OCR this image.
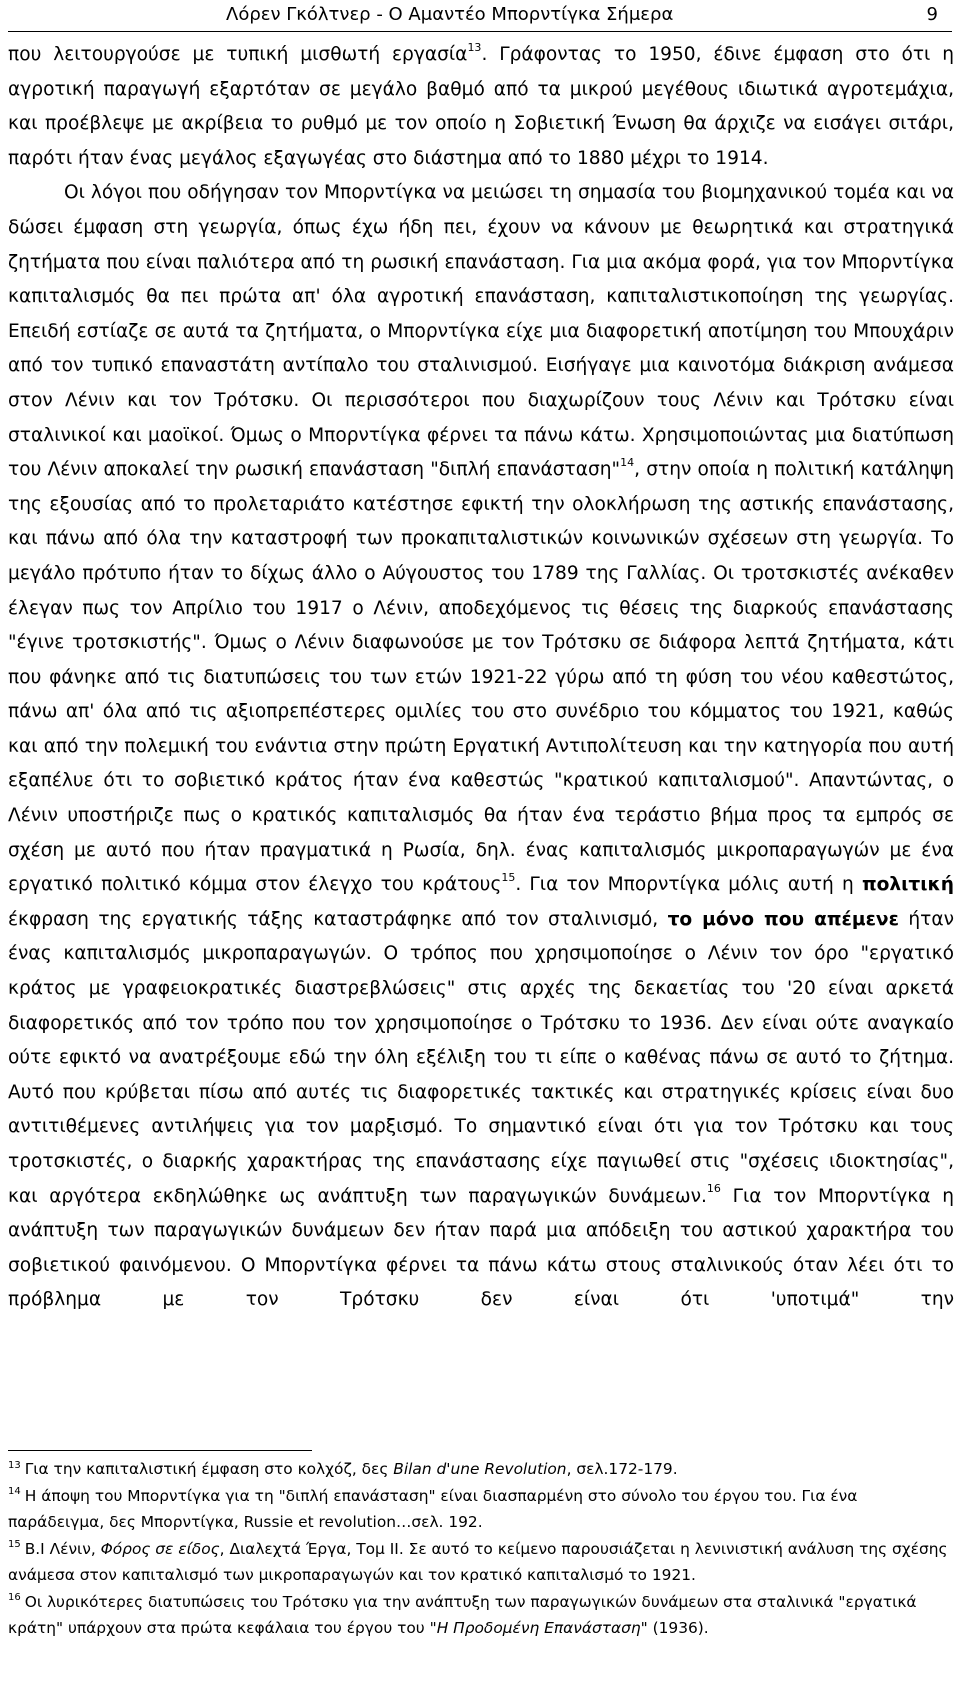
Λόρεν Γκόλτνερ - Ο Αμαντέο Μπορντίγκα Σήμερα	9

που λειτουργούσε με τυπική μισθωτή εργασία$^{13}$. Γράφοντας το 1950, έδινε έμφαση στο ότι η αγροτική παραγωγή εξαρτόταν σε μεγάλο βαθμό από τα μικρού μεγέθους ιδιωτικά αγροτεμάχια, και προέβλεψε με ακρίβεια το ρυθμό με τον οποίο η Σοβιετική Ένωση θα άρχιζε να εισάγει σιτάρι, παρότι ήταν ένας μεγάλος εξαγωγέας στο διάστημα από το 1880 μέχρι το 1914.

Οι λόγοι που οδήγησαν τον Μπορντίγκα να μειώσει τη σημασία του βιομηχανικού τομέα και να δώσει έμφαση στη γεωργία, όπως έχω ήδη πει, έχουν να κάνουν με θεωρητικά και στρατηγικά ζητήματα που είναι παλιότερα από τη ρωσική επανάσταση. Για μια ακόμα φορά, για τον Μπορντίγκα καπιταλισμός θα πει πρώτα απ' όλα αγροτική επανάσταση, καπιταλιστικοποίηση της γεωργίας. Επειδή εστίαζε σε αυτά τα ζητήματα, ο Μπορντίγκα είχε μια διαφορετική αποτίμηση του Μπουχάριν από τον τυπικό επαναστάτη αντίπαλο του σταλινισμού. Εισήγαγε μια καινοτόμα διάκριση ανάμεσα στον Λένιν και τον Τρότσκυ. Οι περισσότεροι που διαχωρίζουν τους Λένιν και Τρότσκυ είναι σταλινικοί και μαοϊκοί. Όμως ο Μπορντίγκα φέρνει τα πάνω κάτω. Χρησιμοποιώντας μια διατύπωση του Λένιν αποκαλεί την ρωσική επανάσταση "διπλή επανάσταση"$^{14}$, στην οποία η πολιτική κατάληψη της εξουσίας από το προλεταριάτο κατέστησε εφικτή την ολοκλήρωση της αστικής επανάστασης, και πάνω από όλα την καταστροφή των προκαπιταλιστικών κοινωνικών σχέσεων στη γεωργία. Το μεγάλο πρότυπο ήταν το δίχως άλλο ο Αύγουστος του 1789 της Γαλλίας. Οι τροτσκιστές ανέκαθεν έλεγαν πως τον Απρίλιο του 1917 ο Λένιν, αποδεχόμενος τις θέσεις της διαρκούς επανάστασης "έγινε τροτσκιστής". Όμως ο Λένιν διαφωνούσε με τον Τρότσκυ σε διάφορα λεπτά ζητήματα, κάτι που φάνηκε από τις διατυπώσεις του των ετών 1921-22 γύρω από τη φύση του νέου καθεστώτος, πάνω απ' όλα από τις αξιοπρεπέστερες ομιλίες του στο συνέδριο του κόμματος του 1921, καθώς και από την πολεμική του ενάντια στην πρώτη Εργατική Αντιπολίτευση και την κατηγορία που αυτή εξαπέλυε ότι το σοβιετικό κράτος ήταν ένα καθεστώς "κρατικού καπιταλισμού". Απαντώντας, ο Λένιν υποστήριζε πως ο κρατικός καπιταλισμός θα ήταν ένα τεράστιο βήμα προς τα εμπρός σε σχέση με αυτό που ήταν πραγματικά η Ρωσία, δηλ. ένας καπιταλισμός μικροπαραγωγών με ένα εργατικό πολιτικό κόμμα στον έλεγχο του κράτους$^{15}$. Για τον Μπορντίγκα μόλις αυτή η πολιτική έκφραση της εργατικής τάξης καταστράφηκε από τον σταλινισμό, το μόνο που απέμενε ήταν ένας καπιταλισμός μικροπαραγωγών. Ο τρόπος που χρησιμοποίησε ο Λένιν τον όρο "εργατικό κράτος με γραφειοκρατικές διαστρεβλώσεις" στις αρχές της δεκαετίας του '20 είναι αρκετά διαφορετικός από τον τρόπο που τον χρησιμοποίησε ο Τρότσκυ το 1936. Δεν είναι ούτε αναγκαίο ούτε εφικτό να ανατρέξουμε εδώ την όλη εξέλιξη του τι είπε ο καθένας πάνω σε αυτό το ζήτημα. Αυτό που κρύβεται πίσω από αυτές τις διαφορετικές τακτικές και στρατηγικές κρίσεις είναι δυο αντιτιθέμενες αντιλήψεις για τον μαρξισμό. Το σημαντικό είναι ότι για τον Τρότσκυ και τους τροτσκιστές, ο διαρκής χαρακτήρας της επανάστασης είχε παγιωθεί στις "σχέσεις ιδιοκτησίας", και αργότερα εκδηλώθηκε ως ανάπτυξη των παραγωγικών δυνάμεων.$^{16}$ Για τον Μπορντίγκα η ανάπτυξη των παραγωγικών δυνάμεων δεν ήταν παρά μια απόδειξη του αστικού χαρακτήρα του σοβιετικού φαινόμενου. Ο Μπορντίγκα φέρνει τα πάνω κάτω στους σταλινικούς όταν λέει ότι το πρόβλημα με τον Τρότσκυ δεν είναι ότι 'υποτιμά" την

$^{13}$ Για την καπιταλιστική έμφαση στο κολχόζ, δες Bilan d'une Revolution, σελ.172-179.

$^{14}$ Η άποψη του Μπορντίγκα για τη "διπλή επανάσταση" είναι διασπαρμένη στο σύνολο του έργου του. Για ένα παράδειγμα, δες Μπορντίγκα, Russie et revolution…σελ. 192.

$^{15}$ Β.Ι Λένιν, Φόρος σε είδος, Διαλεχτά Έργα, Τομ ΙΙ. Σε αυτό το κείμενο παρουσιάζεται η λενινιστική ανάλυση της σχέσης ανάμεσα στον καπιταλισμό των μικροπαραγωγών και τον κρατικό καπιταλισμό το 1921.

$^{16}$ Οι λυρικότερες διατυπώσεις του Τρότσκυ για την ανάπτυξη των παραγωγικών δυνάμεων στα σταλινικά "εργατικά κράτη" υπάρχουν στα πρώτα κεφάλαια του έργου του "Η Προδομένη Επανάσταση" (1936).
